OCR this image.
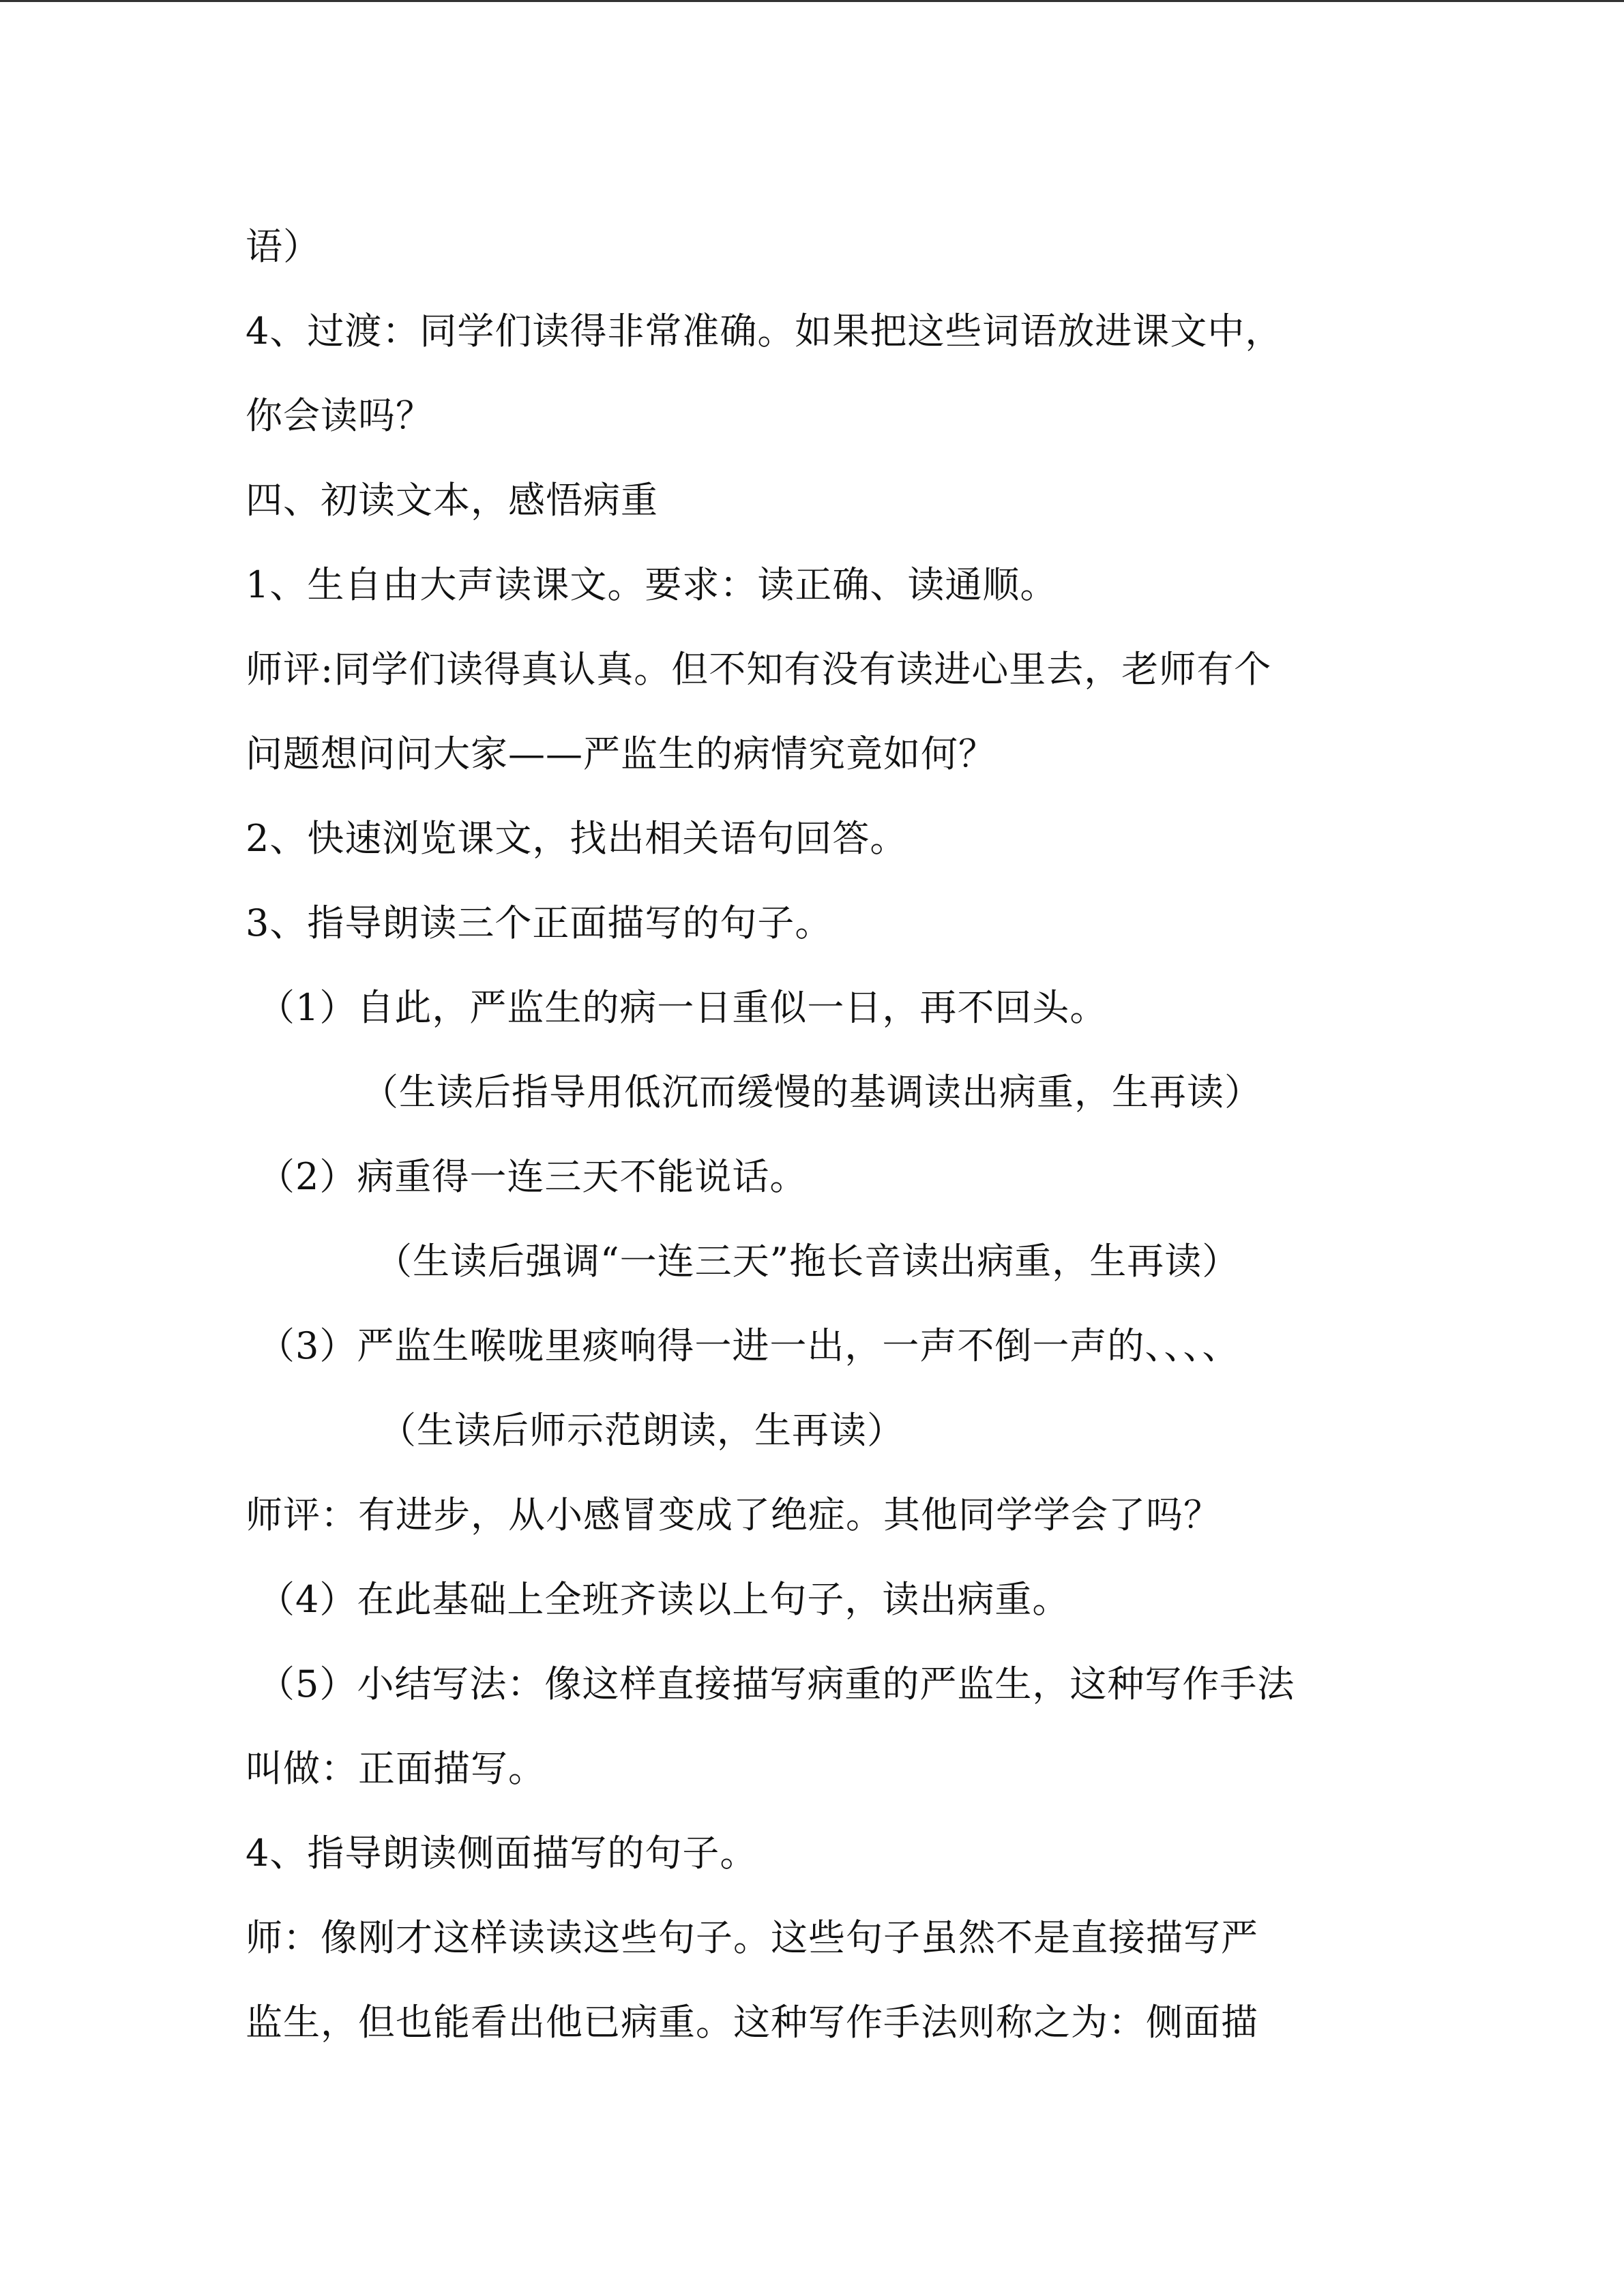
语）
4、过渡：同学们读得非常准确。如果把这些词语放进课文中，
你会读吗？
四、初读文本，感悟病重
1、生自由大声读课文。要求：读正确、读通顺。
师评:同学们读得真认真。但不知有没有读进心里去，老师有个
问题想问问大家——严监生的病情究竟如何？
2、快速浏览课文，找出相关语句回答。
3、指导朗读三个正面描写的句子。
（1）自此，严监生的病一日重似一日，再不回头。
（生读后指导用低沉而缓慢的基调读出病重，生再读）
（2）病重得一连三天不能说话。
（生读后强调“一连三天”拖长音读出病重，生再读）
（3）严监生喉咙里痰响得一进一出，一声不倒一声的、、、、
（生读后师示范朗读，生再读）
师评：有进步，从小感冒变成了绝症。其他同学学会了吗？
（4）在此基础上全班齐读以上句子，读出病重。
（5）小结写法：像这样直接描写病重的严监生，这种写作手法
叫做：正面描写。
4、指导朗读侧面描写的句子。
师：像刚才这样读读这些句子。这些句子虽然不是直接描写严
监生，但也能看出他已病重。这种写作手法则称之为：侧面描
